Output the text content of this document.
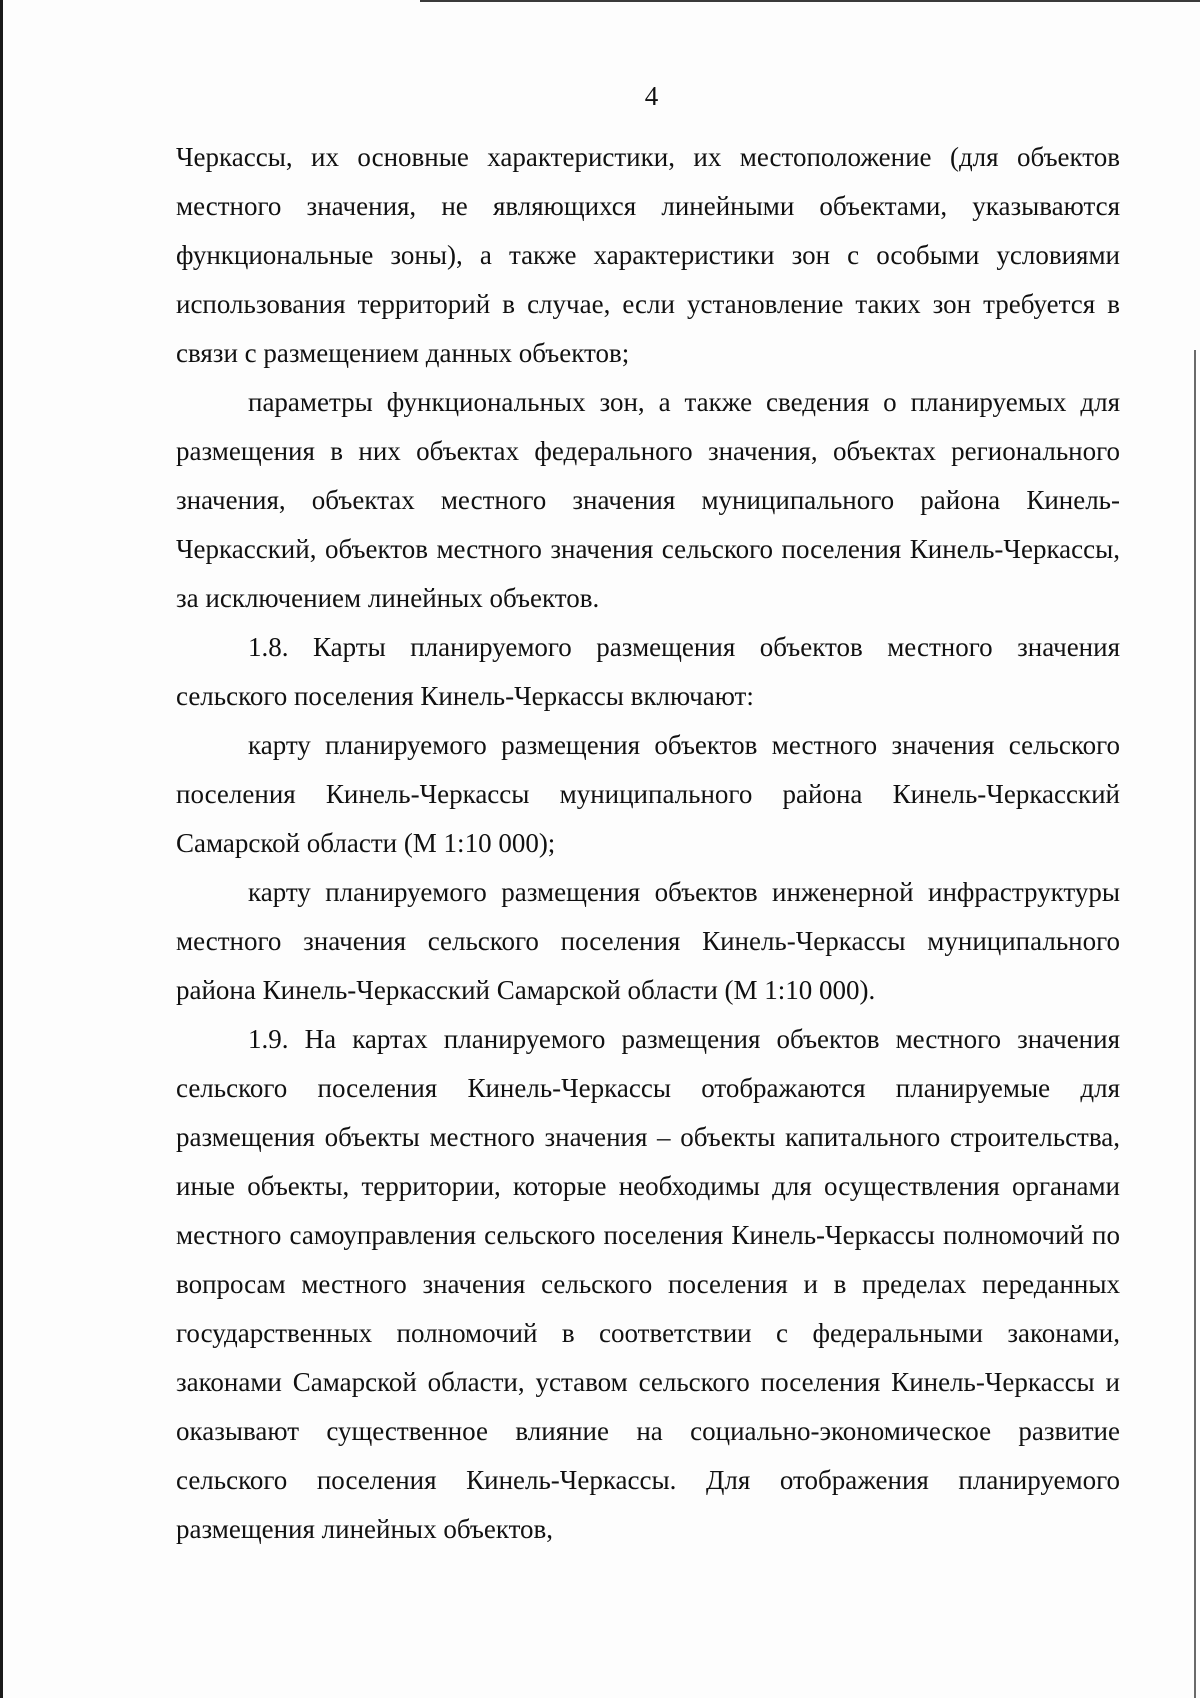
4

Черкассы, их основные характеристики, их местоположение (для объектов местного значения, не являющихся линейными объектами, указываются функциональные зоны), а также характеристики зон с особыми условиями использования территорий в случае, если установление таких зон требуется в связи с размещением данных объектов;

параметры функциональных зон, а также сведения о планируемых для размещения в них объектах федерального значения, объектах регионального значения, объектах местного значения муниципального района Кинель-Черкасский, объектов местного значения сельского поселения Кинель-Черкассы, за исключением линейных объектов.

1.8. Карты планируемого размещения объектов местного значения сельского поселения Кинель-Черкассы включают:

карту планируемого размещения объектов местного значения сельского поселения Кинель-Черкассы муниципального района Кинель-Черкасский Самарской области (М 1:10 000);

карту планируемого размещения объектов инженерной инфраструктуры местного значения сельского поселения Кинель-Черкассы муниципального района Кинель-Черкасский Самарской области (М 1:10 000).

1.9. На картах планируемого размещения объектов местного значения сельского поселения Кинель-Черкассы отображаются планируемые для размещения объекты местного значения – объекты капитального строительства, иные объекты, территории, которые необходимы для осуществления органами местного самоуправления сельского поселения Кинель-Черкассы полномочий по вопросам местного значения сельского поселения и в пределах переданных государственных полномочий в соответствии с федеральными законами, законами Самарской области, уставом сельского поселения Кинель-Черкассы и оказывают существенное влияние на социально-экономическое развитие сельского поселения Кинель-Черкассы. Для отображения планируемого размещения линейных объектов,
